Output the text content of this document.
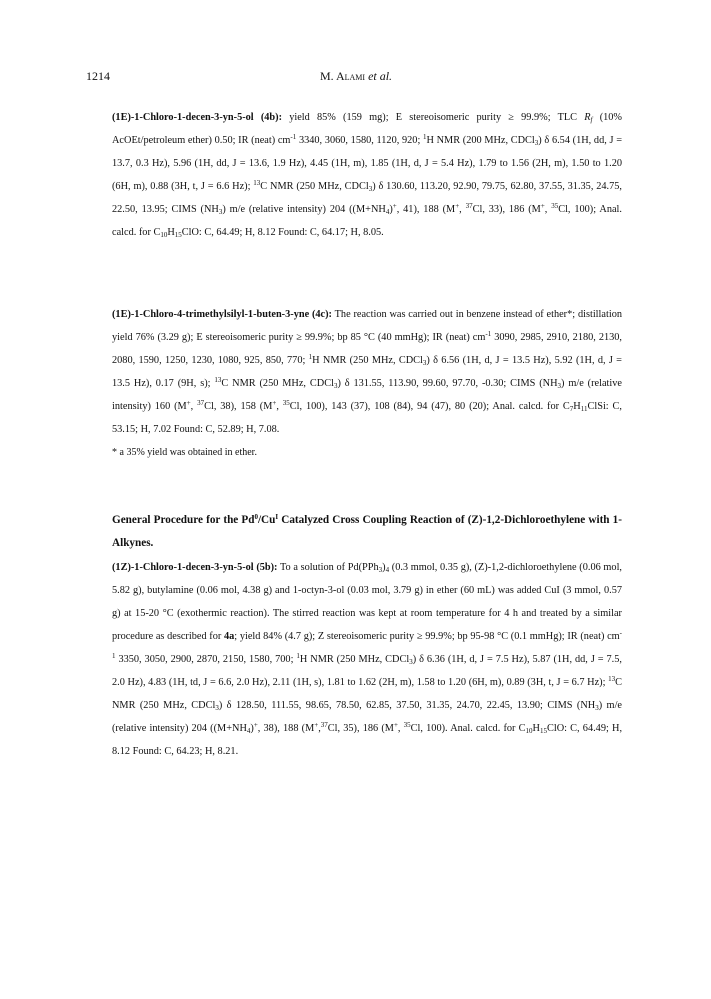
1214	M. Alami et al.

(1E)-1-Chloro-1-decen-3-yn-5-ol (4b): yield 85% (159 mg); E stereoisomeric purity ≥ 99.9%; TLC $R_f$ (10% AcOEt/petroleum ether) 0.50; IR (neat) $cm^{-1}$ 3340, 3060, 1580, 1120, 920; $^1$H NMR (200 MHz, CDCl$_3$) δ 6.54 (1H, dd, J = 13.7, 0.3 Hz), 5.96 (1H, dd, J = 13.6, 1.9 Hz), 4.45 (1H, m), 1.85 (1H, d, J = 5.4 Hz), 1.79 to 1.56 (2H, m), 1.50 to 1.20 (6H, m), 0.88 (3H, t, J = 6.6 Hz); $^{13}$C NMR (250 MHz, CDCl$_3$) δ 130.60, 113.20, 92.90, 79.75, 62.80, 37.55, 31.35, 24.75, 22.50, 13.95; CIMS $(NH_3)$ m/e (relative intensity) 204 ($(M+NH_4)^+$, 41), 188 (M+, $^{37}$Cl, 33), 186 (M+, $^{35}$Cl, 100); Anal. calcd. for $C_{10}H_{15}ClO$: C, 64.49; H, 8.12 Found: C, 64.17; H, 8.05.

(1E)-1-Chloro-4-trimethylsilyl-1-buten-3-yne (4c): The reaction was carried out in benzene instead of ether*; distillation yield 76% (3.29 g); E stereoisomeric purity ≥ 99.9%; bp 85 °C (40 mmHg); IR (neat) $cm^{-1}$ 3090, 2985, 2910, 2180, 2130, 2080, 1590, 1250, 1230, 1080, 925, 850, 770; $^1$H NMR (250 MHz, CDCl$_3$) δ 6.56 (1H, d, J = 13.5 Hz), 5.92 (1H, d, J = 13.5 Hz), 0.17 (9H, s); $^{13}$C NMR (250 MHz, CDCl$_3$) δ 131.55, 113.90, 99.60, 97.70, -0.30; CIMS $(NH_3)$ m/e (relative intensity) 160 (M+, $^{37}$Cl, 38), 158 (M+, $^{35}$Cl, 100), 143 (37), 108 (84), 94 (47), 80 (20); Anal. calcd. for $C_7H_{11}ClSi$: C, 53.15; H, 7.02 Found: C, 52.89; H, 7.08.

* a 35% yield was obtained in ether.

General Procedure for the $Pd^0/Cu^I$ Catalyzed Cross Coupling Reaction of (Z)-1,2-Dichloroethylene with 1-Alkynes.

(1Z)-1-Chloro-1-decen-3-yn-5-ol (5b): To a solution of $Pd(PPh_3)_4$ (0.3 mmol, 0.35 g), (Z)-1,2-dichloroethylene (0.06 mol, 5.82 g), butylamine (0.06 mol, 4.38 g) and 1-octyn-3-ol (0.03 mol, 3.79 g) in ether (60 mL) was added CuI (3 mmol, 0.57 g) at 15-20 °C (exothermic reaction). The stirred reaction was kept at room temperature for 4 h and treated by a similar procedure as described for 4a; yield 84% (4.7 g); Z stereoisomeric purity ≥ 99.9%; bp 95-98 °C (0.1 mmHg); IR (neat) $cm^{-1}$ 3350, 3050, 2900, 2870, 2150, 1580, 700; $^1$H NMR (250 MHz, CDCl$_3$) δ 6.36 (1H, d, J = 7.5 Hz), 5.87 (1H, dd, J = 7.5, 2.0 Hz), 4.83 (1H, td, J = 6.6, 2.0 Hz), 2.11 (1H, s), 1.81 to 1.62 (2H, m), 1.58 to 1.20 (6H, m), 0.89 (3H, t, J = 6.7 Hz); $^{13}$C NMR (250 MHz, CDCl$_3$) δ 128.50, 111.55, 98.65, 78.50, 62.85, 37.50, 31.35, 24.70, 22.45, 13.90; CIMS $(NH_3)$ m/e (relative intensity) 204 ($(M+NH_4)^+$, 38), 188 (M+,$^{37}$Cl, 35), 186 (M+, $^{35}$Cl, 100). Anal. calcd. for $C_{10}H_{15}ClO$: C, 64.49; H, 8.12 Found: C, 64.23; H, 8.21.
